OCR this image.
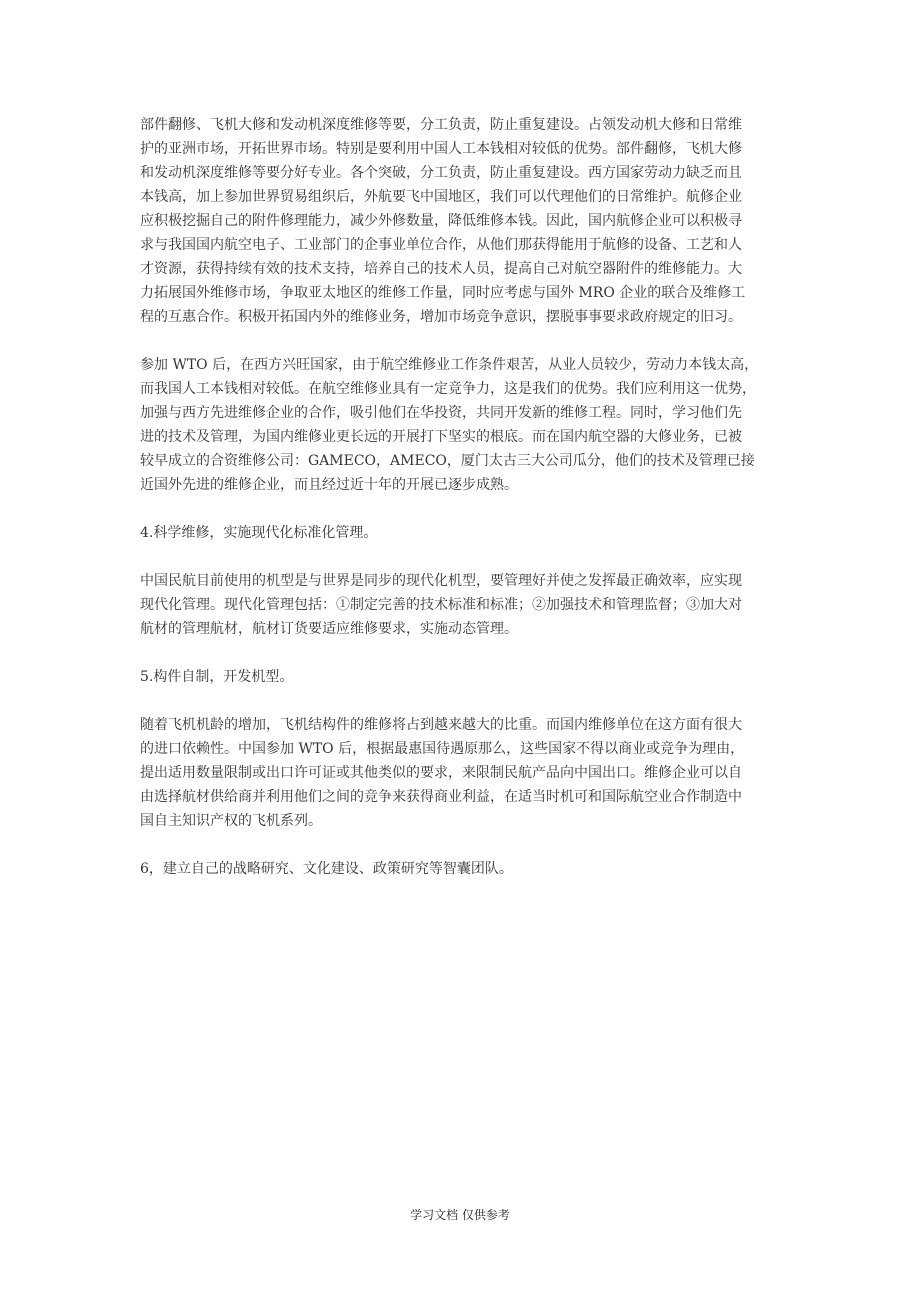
部件翻修、飞机大修和发动机深度维修等要，分工负责，防止重复建设。占领发动机大修和日常维
护的亚洲市场，开拓世界市场。特别是要利用中国人工本钱相对较低的优势。部件翻修，飞机大修
和发动机深度维修等要分好专业。各个突破，分工负责，防止重复建设。西方国家劳动力缺乏而且
本钱高，加上参加世界贸易组织后，外航要飞中国地区，我们可以代理他们的日常维护。航修企业
应积极挖掘自己的附件修理能力，减少外修数量，降低维修本钱。因此，国内航修企业可以积极寻
求与我国国内航空电子、工业部门的企事业单位合作，从他们那获得能用于航修的设备、工艺和人
才资源，获得持续有效的技术支持，培养自己的技术人员，提高自己对航空器附件的维修能力。大
力拓展国外维修市场，争取亚太地区的维修工作量，同时应考虑与国外 MRO 企业的联合及维修工
程的互惠合作。积极开拓国内外的维修业务，增加市场竞争意识，摆脱事事要求政府规定的旧习。
参加 WTO 后，在西方兴旺国家，由于航空维修业工作条件艰苦，从业人员较少，劳动力本钱太高，
而我国人工本钱相对较低。在航空维修业具有一定竞争力，这是我们的优势。我们应利用这一优势，
加强与西方先进维修企业的合作，吸引他们在华投资，共同开发新的维修工程。同时，学习他们先
进的技术及管理，为国内维修业更长远的开展打下坚实的根底。而在国内航空器的大修业务，已被
较早成立的合资维修公司：GAMECO，AMECO，厦门太古三大公司瓜分，他们的技术及管理已接
近国外先进的维修企业，而且经过近十年的开展已逐步成熟。
4.科学维修，实施现代化标准化管理。
中国民航目前使用的机型是与世界是同步的现代化机型，要管理好并使之发挥最正确效率，应实现
现代化管理。现代化管理包括：①制定完善的技术标准和标准；②加强技术和管理监督；③加大对
航材的管理航材，航材订货要适应维修要求，实施动态管理。
5.构件自制，开发机型。
随着飞机机龄的增加，飞机结构件的维修将占到越来越大的比重。而国内维修单位在这方面有很大
的进口依赖性。中国参加 WTO 后，根据最惠国待遇原那么，这些国家不得以商业或竞争为理由，
提出适用数量限制或出口许可证或其他类似的要求，来限制民航产品向中国出口。维修企业可以自
由选择航材供给商并利用他们之间的竞争来获得商业利益，在适当时机可和国际航空业合作制造中
国自主知识产权的飞机系列。
6，建立自己的战略研究、文化建设、政策研究等智囊团队。
学习文档 仅供参考
